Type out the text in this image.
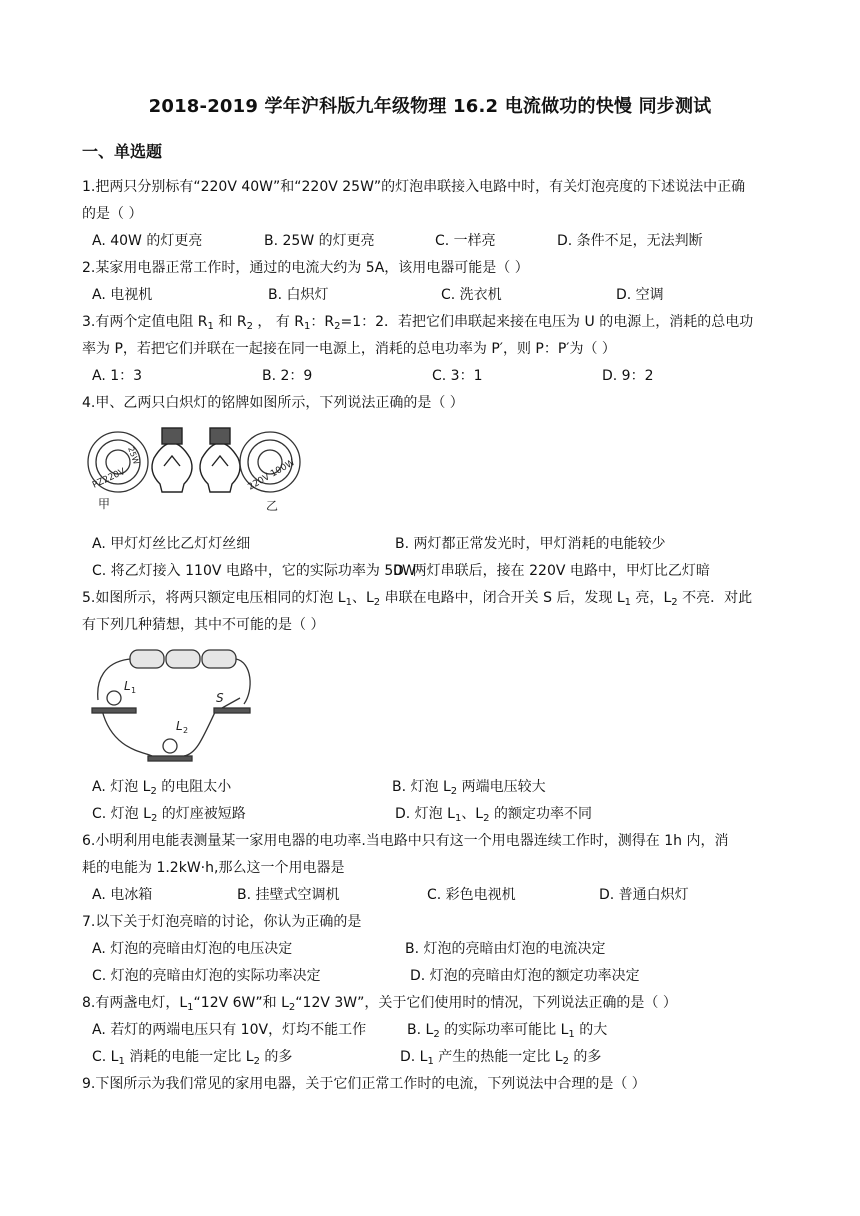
2018-2019 学年沪科版九年级物理 16.2 电流做功的快慢 同步测试
一、单选题
1.把两只分别标有“220V 40W”和“220V 25W”的灯泡串联接入电路中时，有关灯泡亮度的下述说法中正确
的是（ ）
A. 40W 的灯更亮	B. 25W 的灯更亮	C. 一样亮	D. 条件不足，无法判断
2.某家用电器正常工作时，通过的电流大约为 5A，该用电器可能是（ ）
A. 电视机	B. 白炽灯	C. 洗衣机	D. 空调
3.有两个定值电阻 $R_1$ 和 $R_2$ ， 有 $R_1$：$R_2=1$：2．若把它们串联起来接在电压为 U 的电源上，消耗的总电功
率为 P，若把它们并联在一起接在同一电源上，消耗的总电功率为 P′，则 P：P′为（ ）
A. 1：3	B. 2：9	C. 3：1	D. 9：2
4.甲、乙两只白炽灯的铭牌如图所示，下列说法正确的是（ ）
PZ220V
25W
220V 100W
甲	乙
A. 甲灯灯丝比乙灯灯丝细	B. 两灯都正常发光时，甲灯消耗的电能较少
C. 将乙灯接入 110V 电路中，它的实际功率为 50W
D. 两灯串联后，接在 220V 电路中，甲灯比乙灯暗
5.如图所示，将两只额定电压相同的灯泡 $L_1$、$L_2$ 串联在电路中，闭合开关 S 后，发现 $L_1$ 亮，$L_2$ 不亮．对此
有下列几种猜想，其中不可能的是（ ）
L 1
S
L 2
A. 灯泡 $L_2$ 的电阻太小	B. 灯泡 $L_2$ 两端电压较大
C. 灯泡 $L_2$ 的灯座被短路	D. 灯泡 $L_1$、$L_2$ 的额定功率不同
6.小明利用电能表测量某一家用电器的电功率.当电路中只有这一个用电器连续工作时，测得在 1h 内，消
耗的电能为 1.2kW·h,那么这一个用电器是
A. 电冰箱	B. 挂壁式空调机	C. 彩色电视机	D. 普通白炽灯
7.以下关于灯泡亮暗的讨论，你认为正确的是
A. 灯泡的亮暗由灯泡的电压决定	B. 灯泡的亮暗由灯泡的电流决定
C. 灯泡的亮暗由灯泡的实际功率决定	D. 灯泡的亮暗由灯泡的额定功率决定
8.有两盏电灯，$L_1“12V$ 6W”和 $L_2“12V$ 3W”，关于它们使用时的情况，下列说法正确的是（ ）
A. 若灯的两端电压只有 10V，灯均不能工作	B. $L_2$ 的实际功率可能比 $L_1$ 的大
C. $L_1$ 消耗的电能一定比 $L_2$ 的多	D. $L_1$ 产生的热能一定比 $L_2$ 的多
9.下图所示为我们常见的家用电器，关于它们正常工作时的电流，下列说法中合理的是（ ）
